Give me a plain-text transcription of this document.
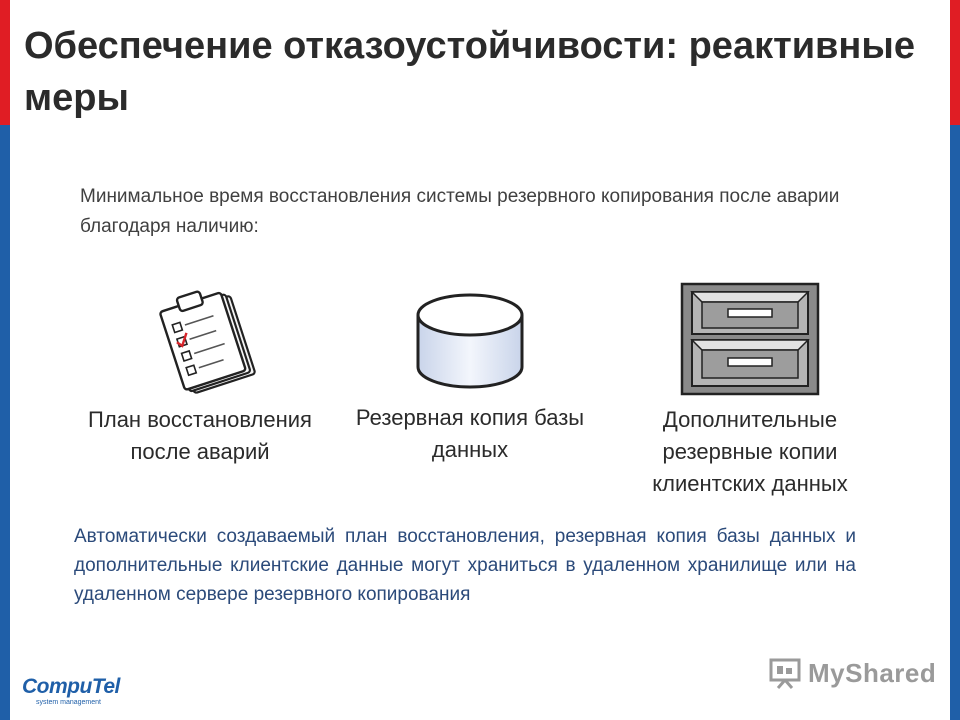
Обеспечение отказоустойчивости: реактивные меры

Минимальное время восстановления системы резервного копирования после аварии благодаря наличию:

План восстановления после аварий
Резервная копия базы данных
Дополнительные резервные копии клиентских данных

Автоматически создаваемый план восстановления, резервная копия базы данных и дополнительные клиентские данные могут храниться в удаленном хранилище или на удаленном сервере резервного копирования

CompuTel
system management
MyShared
